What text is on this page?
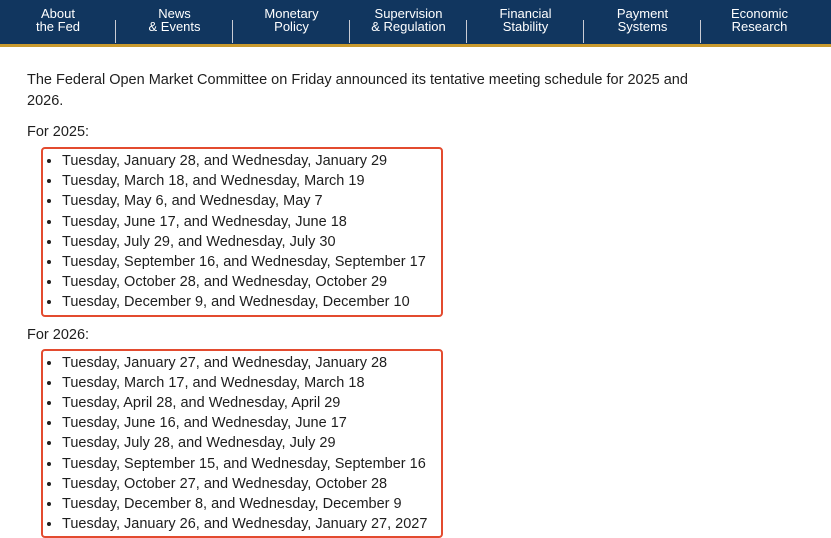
About
the Fed
News
& Events
Monetary
Policy
Supervision
& Regulation
Financial
Stability
Payment
Systems
Economic
Research

The Federal Open Market Committee on Friday announced its tentative meeting schedule for 2025 and 2026.

For 2025:

• Tuesday, January 28, and Wednesday, January 29
• Tuesday, March 18, and Wednesday, March 19
• Tuesday, May 6, and Wednesday, May 7
• Tuesday, June 17, and Wednesday, June 18
• Tuesday, July 29, and Wednesday, July 30
• Tuesday, September 16, and Wednesday, September 17
• Tuesday, October 28, and Wednesday, October 29
• Tuesday, December 9, and Wednesday, December 10

For 2026:

• Tuesday, January 27, and Wednesday, January 28
• Tuesday, March 17, and Wednesday, March 18
• Tuesday, April 28, and Wednesday, April 29
• Tuesday, June 16, and Wednesday, June 17
• Tuesday, July 28, and Wednesday, July 29
• Tuesday, September 15, and Wednesday, September 16
• Tuesday, October 27, and Wednesday, October 28
• Tuesday, December 8, and Wednesday, December 9
• Tuesday, January 26, and Wednesday, January 27, 2027
